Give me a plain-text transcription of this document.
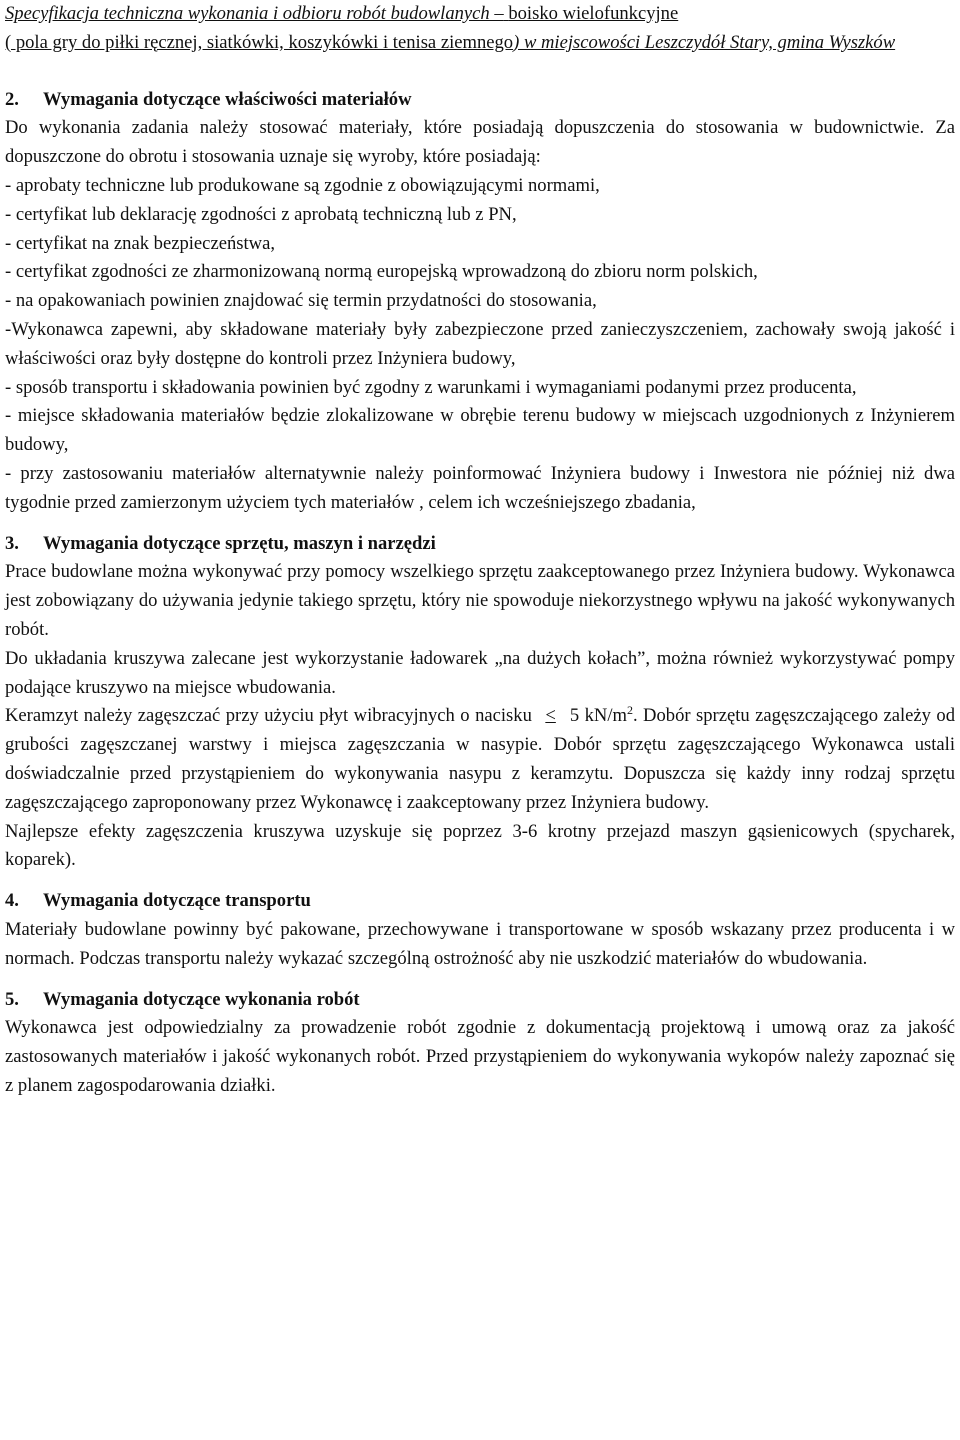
Specyfikacja techniczna wykonania i odbioru robót budowlanych – boisko wielofunkcyjne
( pola gry do piłki ręcznej, siatkówki, koszykówki i tenisa ziemnego) w miejscowości Leszczydół Stary, gmina Wyszków

2. Wymagania dotyczące właściwości materiałów

Do wykonania zadania należy stosować materiały, które posiadają dopuszczenia do stosowania w budownictwie. Za dopuszczone do obrotu i stosowania uznaje się wyroby, które posiadają:

- aprobaty techniczne lub produkowane są zgodnie z obowiązującymi normami,

- certyfikat lub deklarację zgodności z aprobatą techniczną lub z PN,

- certyfikat na znak bezpieczeństwa,

- certyfikat zgodności ze zharmonizowaną normą europejską wprowadzoną do zbioru norm polskich,

- na opakowaniach powinien znajdować się termin przydatności do stosowania,

-Wykonawca zapewni, aby składowane materiały były zabezpieczone przed zanieczyszczeniem, zachowały swoją jakość i właściwości oraz były dostępne do kontroli przez Inżyniera budowy,

- sposób transportu i składowania powinien być zgodny z warunkami i wymaganiami podanymi przez producenta,

- miejsce składowania materiałów będzie zlokalizowane w obrębie terenu budowy w miejscach uzgodnionych z Inżynierem budowy,

- przy zastosowaniu materiałów alternatywnie należy poinformować Inżyniera budowy i Inwestora nie później niż dwa tygodnie przed zamierzonym użyciem tych materiałów , celem ich wcześniejszego zbadania,

3. Wymagania dotyczące sprzętu, maszyn i narzędzi

Prace budowlane można wykonywać przy pomocy wszelkiego sprzętu zaakceptowanego przez Inżyniera budowy. Wykonawca jest zobowiązany do używania jedynie takiego sprzętu, który nie spowoduje niekorzystnego wpływu na jakość wykonywanych robót.

Do układania kruszywa zalecane jest wykorzystanie ładowarek „na dużych kołach”, można również wykorzystywać pompy podające kruszywo na miejsce wbudowania.

Keramzyt należy zagęszczać przy użyciu płyt wibracyjnych o nacisku ≤ 5 $kN/m^2$. Dobór sprzętu zagęszczającego zależy od grubości zagęszczanej warstwy i miejsca zagęszczania w nasypie. Dobór sprzętu zagęszczającego Wykonawca ustali doświadczalnie przed przystąpieniem do wykonywania nasypu z keramzytu. Dopuszcza się każdy inny rodzaj sprzętu zagęszczającego zaproponowany przez Wykonawcę i zaakceptowany przez Inżyniera budowy.

Najlepsze efekty zagęszczenia kruszywa uzyskuje się poprzez 3-6 krotny przejazd maszyn gąsienicowych (spycharek, koparek).

4. Wymagania dotyczące transportu

Materiały budowlane powinny być pakowane, przechowywane i transportowane w sposób wskazany przez producenta i w normach. Podczas transportu należy wykazać szczególną ostrożność aby nie uszkodzić materiałów do wbudowania.

5. Wymagania dotyczące wykonania robót

Wykonawca jest odpowiedzialny za prowadzenie robót zgodnie z dokumentacją projektową i umową oraz za jakość zastosowanych materiałów i jakość wykonanych robót. Przed przystąpieniem do wykonywania wykopów należy zapoznać się z planem zagospodarowania działki.
